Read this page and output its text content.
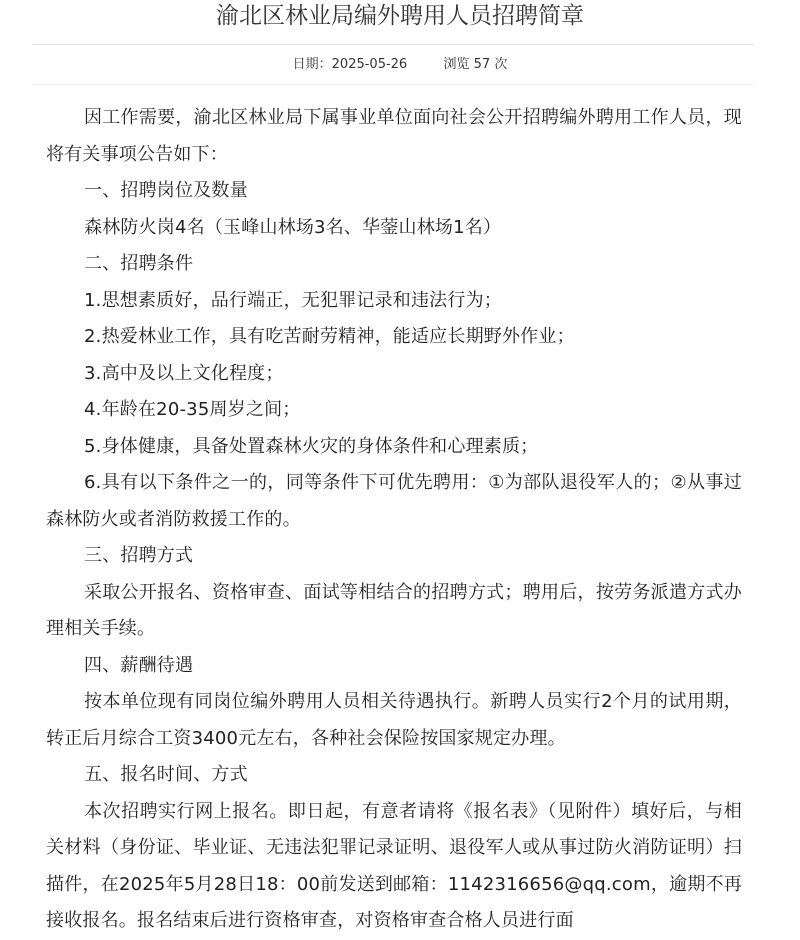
渝北区林业局编外聘用人员招聘简章
日期：2025-05-26	浏览 57 次

因工作需要，渝北区林业局下属事业单位面向社会公开招聘编外聘用工作人员，现将有关事项公告如下：

一、招聘岗位及数量

森林防火岗4名（玉峰山林场3名、华蓥山林场1名）

二、招聘条件

1.思想素质好，品行端正，无犯罪记录和违法行为；

2.热爱林业工作，具有吃苦耐劳精神，能适应长期野外作业；

3.高中及以上文化程度；

4.年龄在20-35周岁之间；

5.身体健康，具备处置森林火灾的身体条件和心理素质；

6.具有以下条件之一的，同等条件下可优先聘用：①为部队退役军人的；②从事过森林防火或者消防救援工作的。

三、招聘方式

采取公开报名、资格审查、面试等相结合的招聘方式；聘用后，按劳务派遣方式办理相关手续。

四、薪酬待遇

按本单位现有同岗位编外聘用人员相关待遇执行。新聘人员实行2个月的试用期，转正后月综合工资3400元左右，各种社会保险按国家规定办理。

五、报名时间、方式

本次招聘实行网上报名。即日起，有意者请将《报名表》（见附件）填好后，与相关材料（身份证、毕业证、无违法犯罪记录证明、退役军人或从事过防火消防证明）扫描件，在2025年5月28日18：00前发送到邮箱：1142316656@qq.com，逾期不再接收报名。报名结束后进行资格审查，对资格审查合格人员进行面
